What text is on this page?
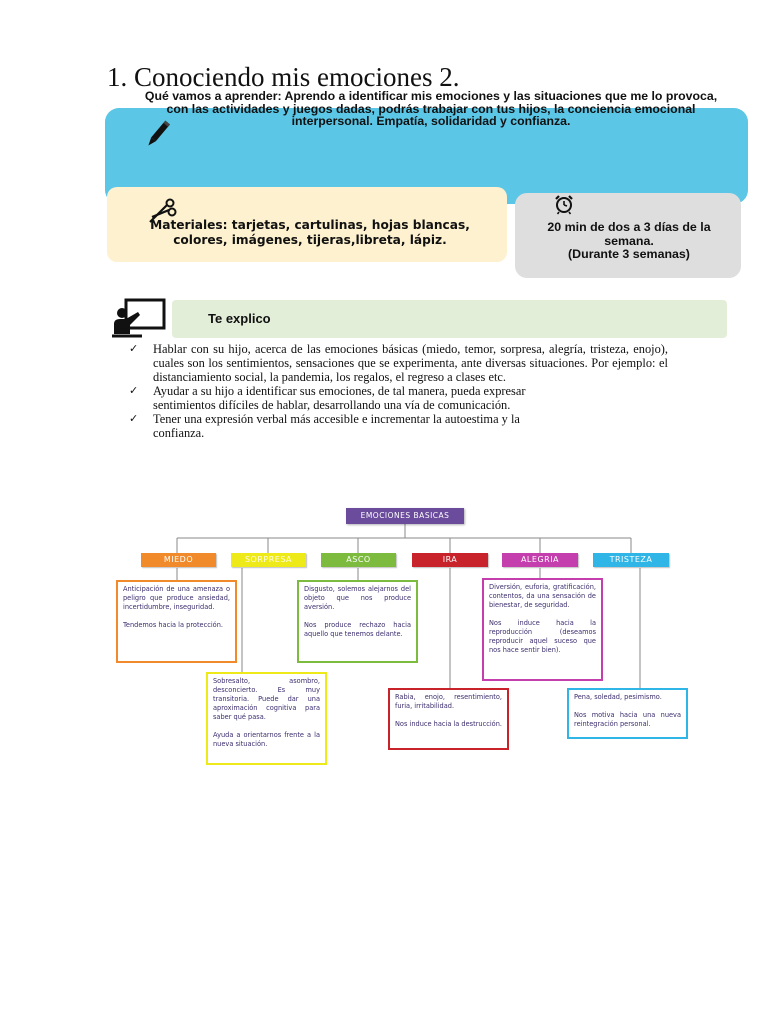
1. Conociendo mis emociones 2.
Qué vamos a aprender: Aprendo a identificar mis emociones y las situaciones que me lo provoca, con las actividades y juegos dadas, podrás trabajar con tus hijos, la conciencia emocional interpersonal. Empatía, solidaridad y confianza.
Materiales: tarjetas, cartulinas, hojas blancas, colores, imágenes, tijeras,libreta, lápiz.
20 min de dos a 3 días de la semana.
(Durante 3 semanas)
Te explico
✓ Hablar con su hijo, acerca de las emociones básicas (miedo, temor, sorpresa, alegría, tristeza, enojo), cuales son los sentimientos, sensaciones que se experimenta, ante diversas situaciones. Por ejemplo: el distanciamiento social, la pandemia, los regalos, el regreso a clases etc.
✓ Ayudar a su hijo a identificar sus emociones, de tal manera, pueda expresar sentimientos difíciles de hablar, desarrollando una vía de comunicación.
✓ Tener una expresión verbal más accesible e incrementar la autoestima y la confianza.
EMOCIONES BASICAS
MIEDO	SORPRESA	ASCO	IRA	ALEGRIA	TRISTEZA

Anticipación de una amenaza o peligro que produce ansiedad, incertidumbre, inseguridad.

Tendemos hacia la protección.

Sobresalto, asombro, desconcierto. Es muy transitoria. Puede dar una aproximación cognitiva para saber qué pasa.

Ayuda a orientarnos frente a la nueva situación.

Disgusto, solemos alejarnos del objeto que nos produce aversión.

Nos produce rechazo hacia aquello que tenemos delante.

Rabia, enojo, resentimiento, furia, irritabilidad.

Nos induce hacia la destrucción.

Diversión, euforia, gratificación, contentos, da una sensación de bienestar, de seguridad.

Nos induce hacia la reproducción (deseamos reproducir aquel suceso que nos hace sentir bien).

Pena, soledad, pesimismo.

Nos motiva hacia una nueva reintegración personal.
